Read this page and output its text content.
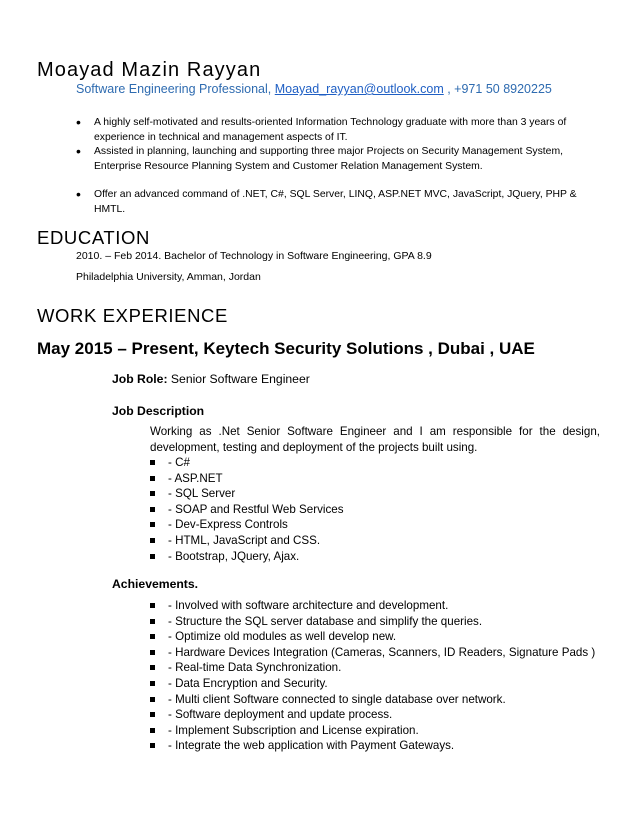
Moayad Mazin Rayyan
Software Engineering Professional, Moayad_rayyan@outlook.com , +971 50 8920225
• A highly self-motivated and results-oriented Information Technology graduate with more than 3 years of experience in technical and management aspects of IT.
• Assisted in planning, launching and supporting three major Projects on Security Management System, Enterprise Resource Planning System and Customer Relation Management System.
• Offer an advanced command of .NET, C#, SQL Server, LINQ, ASP.NET MVC, JavaScript, JQuery, PHP & HMTL.
EDUCATION
2010. – Feb 2014. Bachelor of Technology in Software Engineering, GPA 8.9
Philadelphia University, Amman, Jordan
WORK EXPERIENCE
May 2015 – Present, Keytech Security Solutions , Dubai , UAE
Job Role: Senior Software Engineer
Job Description
Working as .Net Senior Software Engineer and I am responsible for the design, development, testing and deployment of the projects built using.
- C#
- ASP.NET
- SQL Server
- SOAP and Restful Web Services
- Dev-Express Controls
- HTML, JavaScript and CSS.
- Bootstrap, JQuery, Ajax.
Achievements.
- Involved with software architecture and development.
- Structure the SQL server database and simplify the queries.
- Optimize old modules as well develop new.
- Hardware Devices Integration (Cameras, Scanners, ID Readers, Signature Pads )
- Real-time Data Synchronization.
- Data Encryption and Security.
- Multi client Software connected to single database over network.
- Software deployment and update process.
- Implement Subscription and License expiration.
- Integrate the web application with Payment Gateways.
